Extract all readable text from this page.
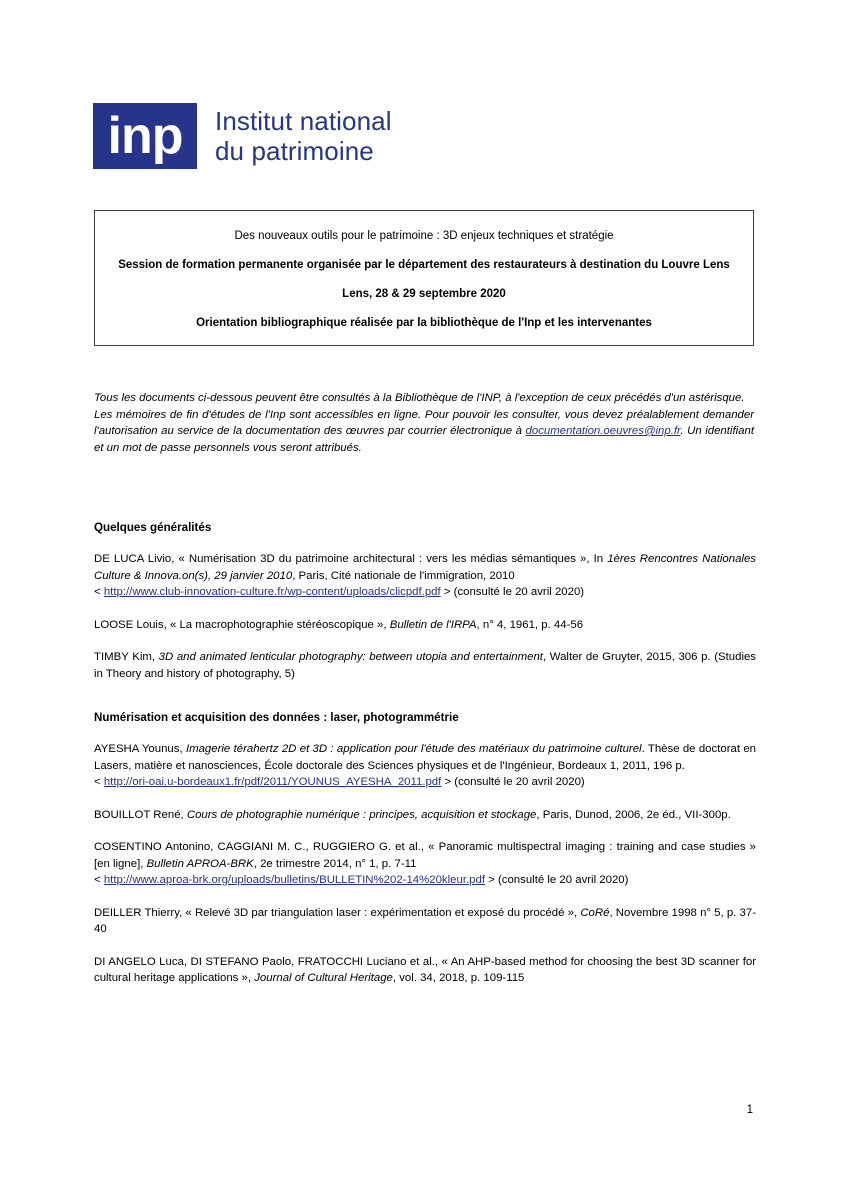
inp	Institut national
du patrimoine
Des nouveaux outils pour le patrimoine : 3D enjeux techniques et stratégie
Session de formation permanente organisée par le département des restaurateurs à destination du Louvre Lens
Lens, 28 & 29 septembre 2020
Orientation bibliographique réalisée par la bibliothèque de l'Inp et les intervenantes

Tous les documents ci-dessous peuvent être consultés à la Bibliothèque de l'INP, à l'exception de ceux précédés d'un astérisque.

Les mémoires de fin d'études de l'Inp sont accessibles en ligne. Pour pouvoir les consulter, vous devez préalablement demander l'autorisation au service de la documentation des œuvres par courrier électronique à documentation.oeuvres@inp.fr. Un identifiant et un mot de passe personnels vous seront attribués.

Quelques généralités

DE LUCA Livio, « Numérisation 3D du patrimoine architectural : vers les médias sémantiques », In 1ères Rencontres Nationales Culture & Innova.on(s), 29 janvier 2010, Paris, Cité nationale de l'immigration, 2010
< http://www.club-innovation-culture.fr/wp-content/uploads/clicpdf.pdf > (consulté le 20 avril 2020)

LOOSE Louis, « La macrophotographie stéréoscopique », Bulletin de l'IRPA, n° 4, 1961, p. 44-56

TIMBY Kim, 3D and animated lenticular photography: between utopia and entertainment, Walter de Gruyter, 2015, 306 p. (Studies in Theory and history of photography, 5)

Numérisation et acquisition des données : laser, photogrammétrie

AYESHA Younus, Imagerie térahertz 2D et 3D : application pour l'étude des matériaux du patrimoine culturel. Thèse de doctorat en Lasers, matière et nanosciences, École doctorale des Sciences physiques et de l'Ingénieur, Bordeaux 1, 2011, 196 p.
< http://ori-oai.u-bordeaux1.fr/pdf/2011/YOUNUS_AYESHA_2011.pdf > (consulté le 20 avril 2020)

BOUILLOT René, Cours de photographie numérique : principes, acquisition et stockage, Paris, Dunod, 2006, 2e éd., VII-300p.

COSENTINO Antonino, CAGGIANI M. C., RUGGIERO G. et al., « Panoramic multispectral imaging : training and case studies » [en ligne], Bulletin APROA-BRK, 2e trimestre 2014, n° 1, p. 7-11
< http://www.aproa-brk.org/uploads/bulletins/BULLETIN%202-14%20kleur.pdf > (consulté le 20 avril 2020)

DEILLER Thierry, « Relevé 3D par triangulation laser : expérimentation et exposé du procédé », CoRé, Novembre 1998 n° 5, p. 37-40

DI ANGELO Luca, DI STEFANO Paolo, FRATOCCHI Luciano et al., « An AHP-based method for choosing the best 3D scanner for cultural heritage applications », Journal of Cultural Heritage, vol. 34, 2018, p. 109-115

1
